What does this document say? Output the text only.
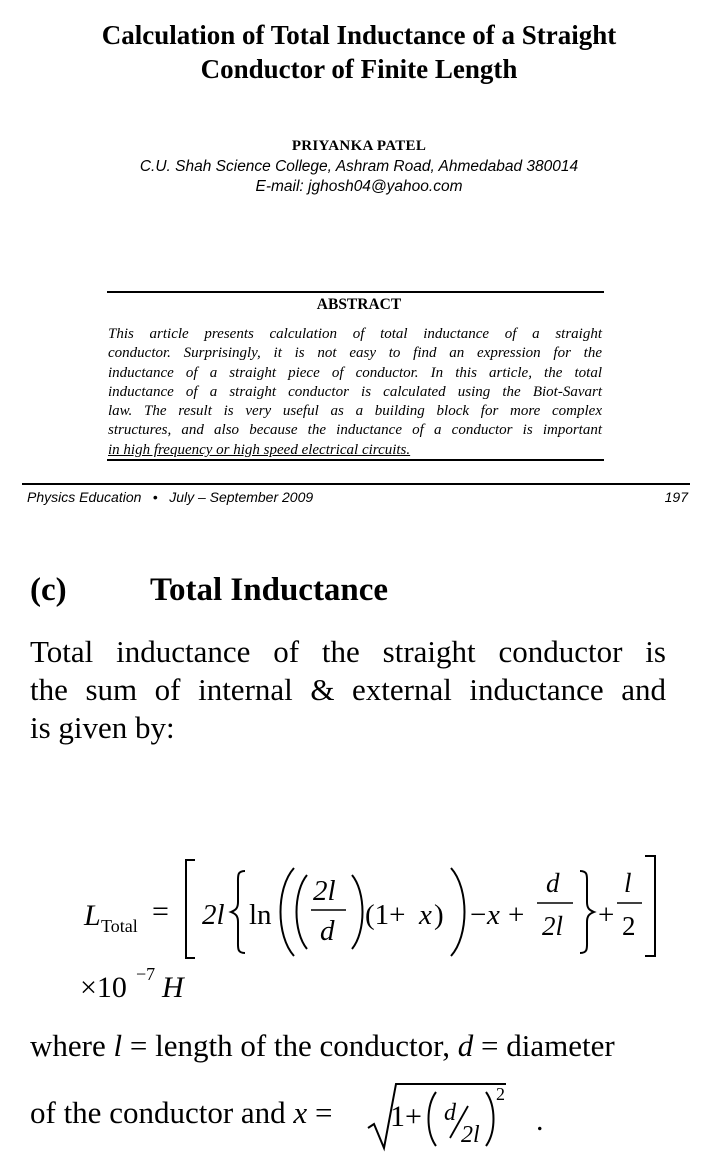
Calculation of Total Inductance of a Straight
Conductor of Finite Length
PRIYANKA PATEL
C.U. Shah Science College, Ashram Road, Ahmedabad 380014
E-mail: jghosh04@yahoo.com
ABSTRACT
This article presents calculation of total inductance of a straight
conductor. Surprisingly, it is not easy to find an expression for the
inductance of a straight piece of conductor. In this article, the total
inductance of a straight conductor is calculated using the Biot-Savart
law. The result is very useful as a building block for more complex
structures, and also because the inductance of a conductor is important
in high frequency or high speed electrical circuits.
Physics Education • July – September 2009	197
(c)	Total Inductance
Total inductance of the straight conductor is
the sum of internal & external inductance and
is given by:
L Total = 2l ln
2l
d (1+ x ) − x +
d
2l +
l
2
×10 −7 H
where l = length of the conductor, d = diameter
of the conductor and x = 1+ d
2l
2
.
